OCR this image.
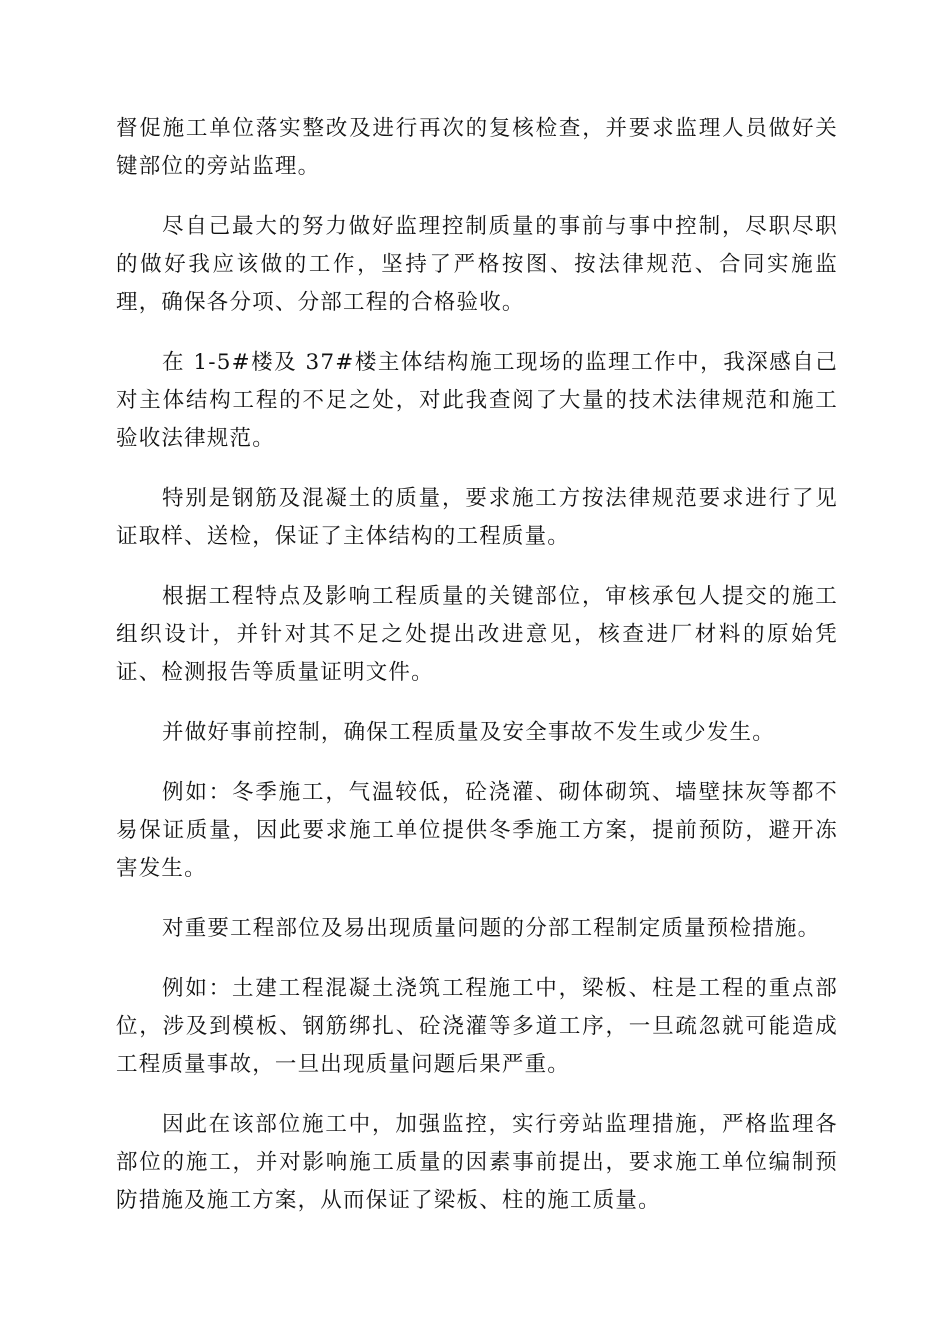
督促施工单位落实整改及进行再次的复核检查，并要求监理人员做好关键部位的旁站监理。

尽自己最大的努力做好监理控制质量的事前与事中控制，尽职尽职的做好我应该做的工作，坚持了严格按图、按法律规范、合同实施监理，确保各分项、分部工程的合格验收。

在 1-5#楼及 37#楼主体结构施工现场的监理工作中，我深感自己对主体结构工程的不足之处，对此我查阅了大量的技术法律规范和施工验收法律规范。

特别是钢筋及混凝土的质量，要求施工方按法律规范要求进行了见证取样、送检，保证了主体结构的工程质量。

根据工程特点及影响工程质量的关键部位，审核承包人提交的施工组织设计，并针对其不足之处提出改进意见，核查进厂材料的原始凭证、检测报告等质量证明文件。

并做好事前控制，确保工程质量及安全事故不发生或少发生。

例如：冬季施工，气温较低，砼浇灌、砌体砌筑、墙壁抹灰等都不易保证质量，因此要求施工单位提供冬季施工方案，提前预防，避开冻害发生。

对重要工程部位及易出现质量问题的分部工程制定质量预检措施。

例如：土建工程混凝土浇筑工程施工中，梁板、柱是工程的重点部位，涉及到模板、钢筋绑扎、砼浇灌等多道工序，一旦疏忽就可能造成工程质量事故，一旦出现质量问题后果严重。

因此在该部位施工中，加强监控，实行旁站监理措施，严格监理各部位的施工，并对影响施工质量的因素事前提出，要求施工单位编制预防措施及施工方案，从而保证了梁板、柱的施工质量。
